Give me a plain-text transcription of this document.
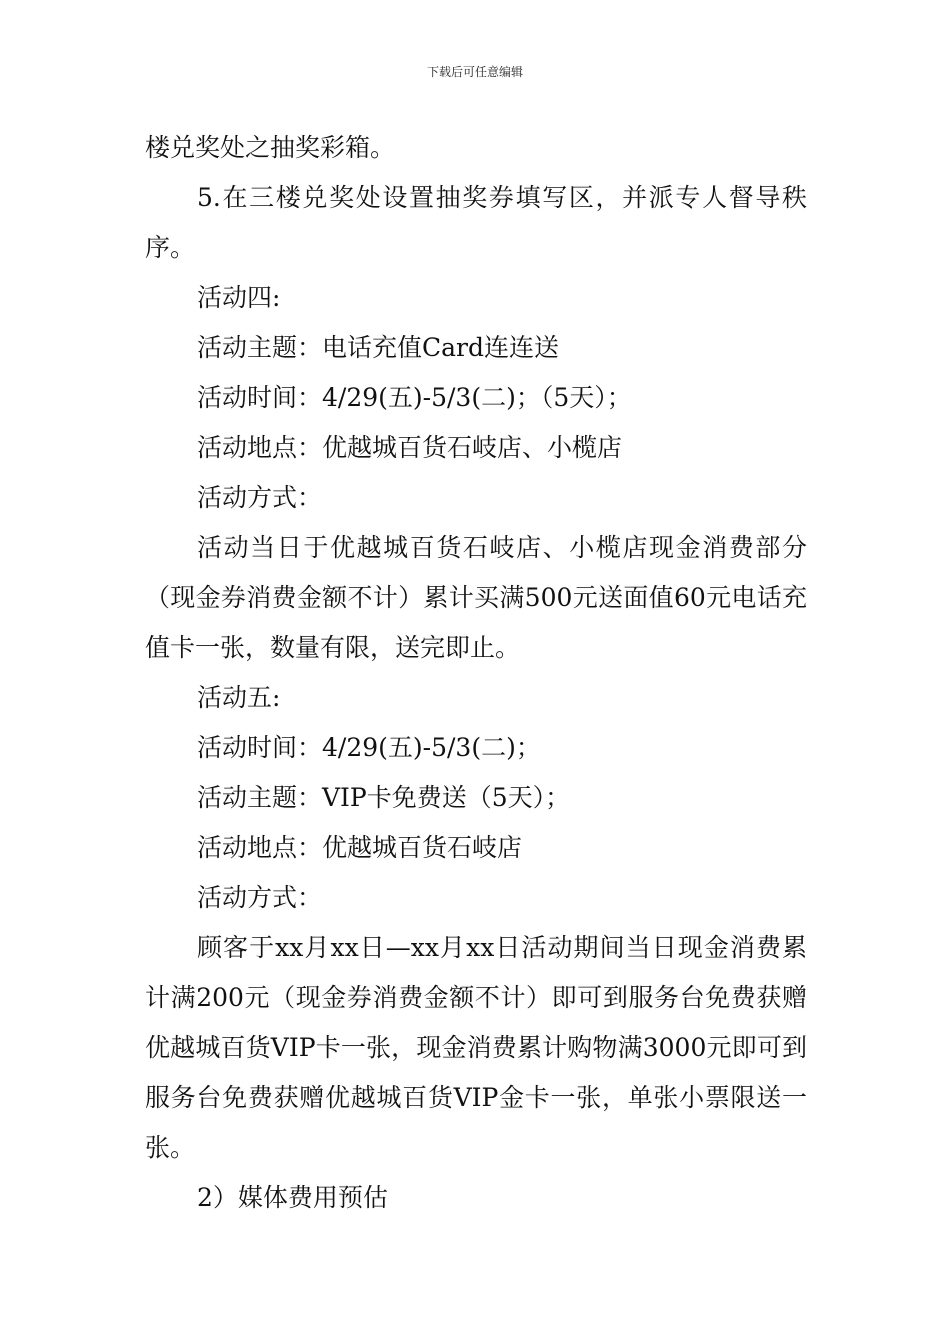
下载后可任意编辑

楼兑奖处之抽奖彩箱。

5.在三楼兑奖处设置抽奖券填写区，并派专人督导秩序。

活动四:

活动主题：电话充值Card连连送

活动时间：4/29(五)-5/3(二)；（5天）；

活动地点：优越城百货石岐店、小榄店

活动方式：

活动当日于优越城百货石岐店、小榄店现金消费部分（现金券消费金额不计）累计买满500元送面值60元电话充值卡一张，数量有限，送完即止。

活动五:

活动时间：4/29(五)-5/3(二)；

活动主题：VIP卡免费送（5天）；

活动地点：优越城百货石岐店

活动方式：

顾客于xx月xx日—xx月xx日活动期间当日现金消费累计满200元（现金券消费金额不计）即可到服务台免费获赠优越城百货VIP卡一张，现金消费累计购物满3000元即可到服务台免费获赠优越城百货VIP金卡一张，单张小票限送一张。

2）媒体费用预估
